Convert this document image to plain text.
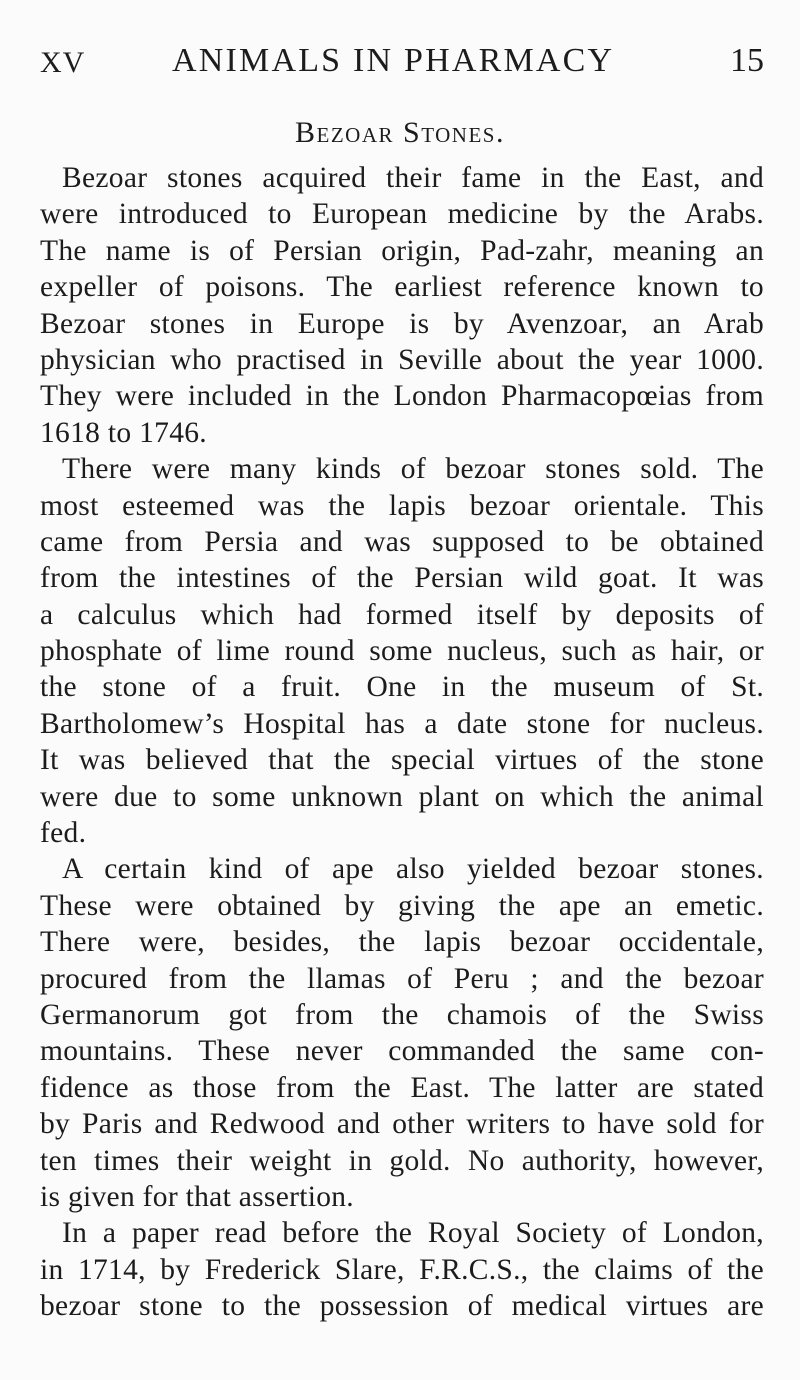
XV	ANIMALS IN PHARMACY	15
Bezoar Stones.
Bezoar stones acquired their fame in the East, and
were introduced to European medicine by the Arabs.
The name is of Persian origin, Pad-zahr, meaning an
expeller of poisons. The earliest reference known to
Bezoar stones in Europe is by Avenzoar, an Arab
physician who practised in Seville about the year 1000.
They were included in the London Pharmacopœias from
1618 to 1746.
There were many kinds of bezoar stones sold. The
most esteemed was the lapis bezoar orientale. This
came from Persia and was supposed to be obtained
from the intestines of the Persian wild goat. It was
a calculus which had formed itself by deposits of
phosphate of lime round some nucleus, such as hair, or
the stone of a fruit. One in the museum of St.
Bartholomew’s Hospital has a date stone for nucleus.
It was believed that the special virtues of the stone
were due to some unknown plant on which the animal
fed.
A certain kind of ape also yielded bezoar stones.
These were obtained by giving the ape an emetic.
There were, besides, the lapis bezoar occidentale,
procured from the llamas of Peru ; and the bezoar
Germanorum got from the chamois of the Swiss
mountains. These never commanded the same con-
fidence as those from the East. The latter are stated
by Paris and Redwood and other writers to have sold for
ten times their weight in gold. No authority, however,
is given for that assertion.
In a paper read before the Royal Society of London,
in 1714, by Frederick Slare, F.R.C.S., the claims of the
bezoar stone to the possession of medical virtues are
